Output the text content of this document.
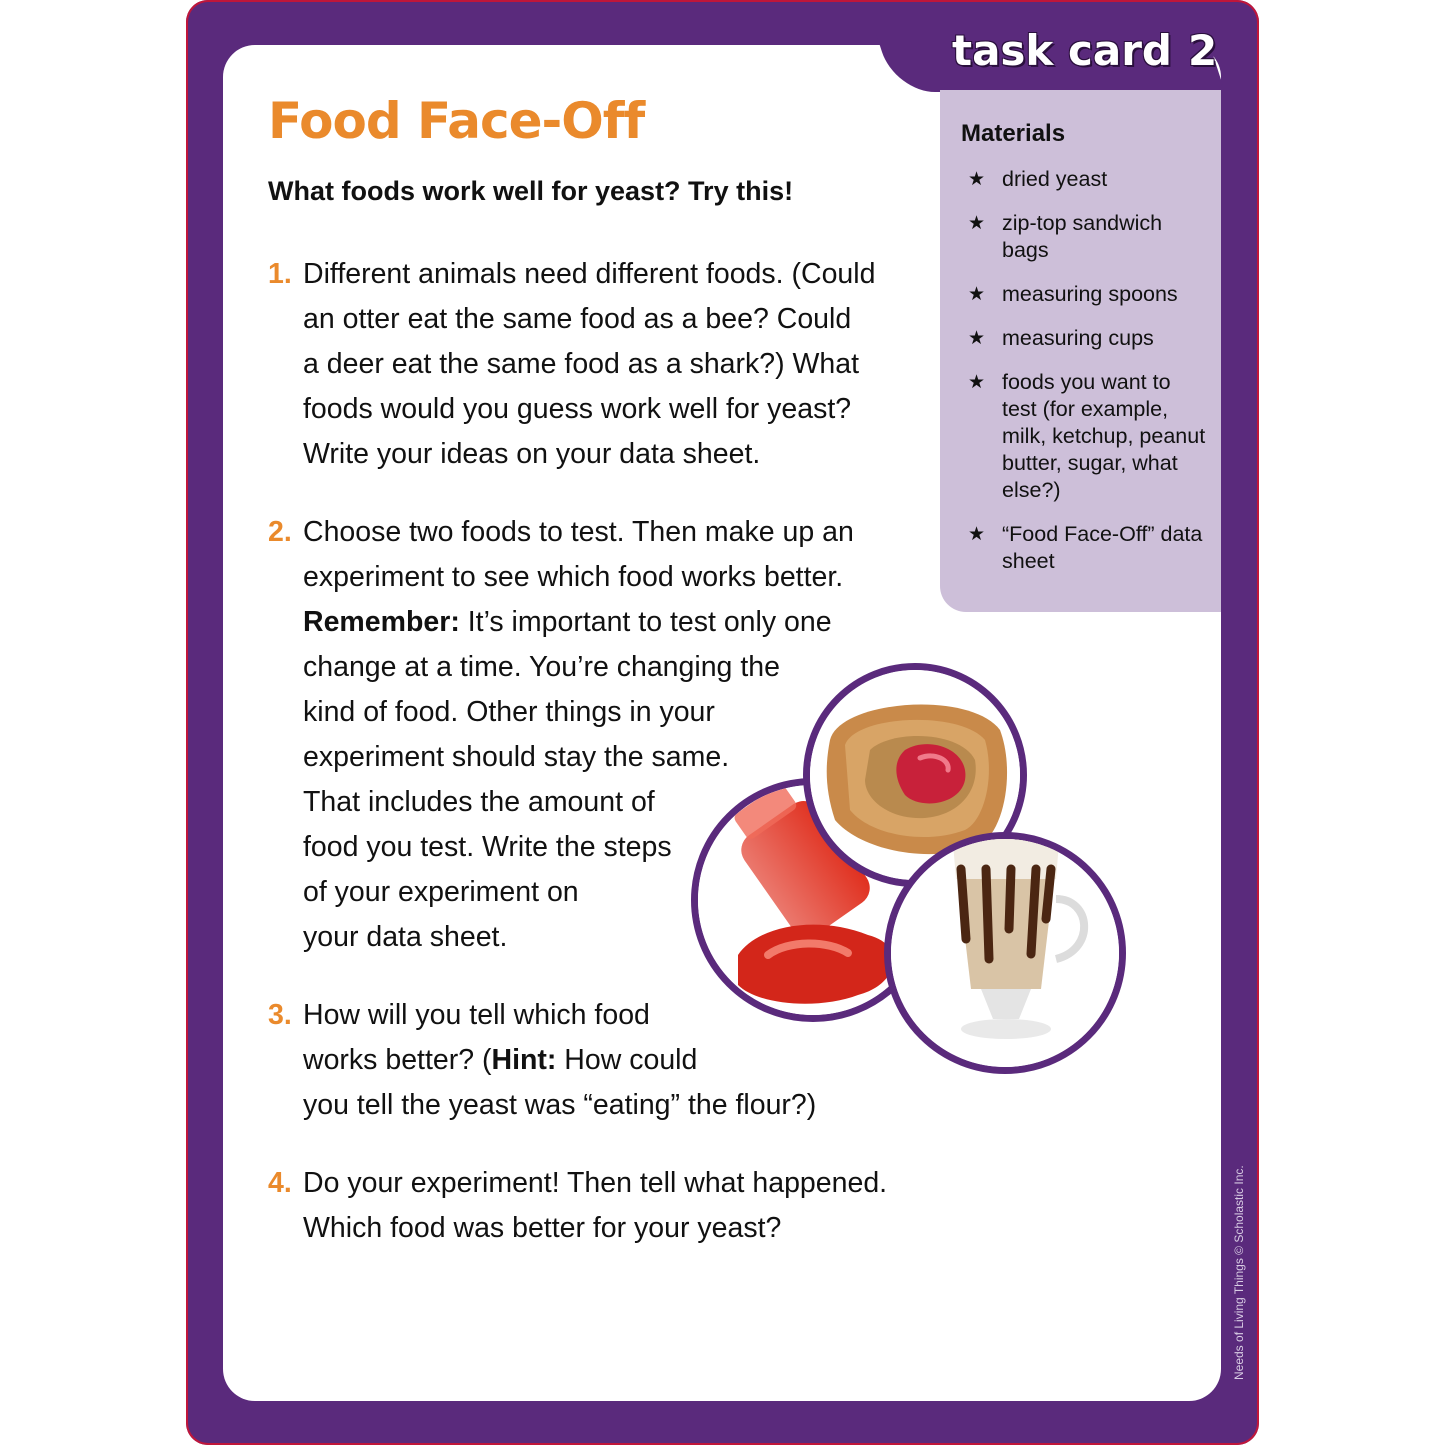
task card 2
Food Face-Off
What foods work well for yeast? Try this!
1. Different animals need different foods. (Could
an otter eat the same food as a bee? Could
a deer eat the same food as a shark?) What
foods would you guess work well for yeast?
Write your ideas on your data sheet.
2. Choose two foods to test. Then make up an
experiment to see which food works better.
Remember: It’s important to test only one
change at a time. You’re changing the
kind of food. Other things in your
experiment should stay the same.
That includes the amount of
food you test. Write the steps
of your experiment on
your data sheet.
3. How will you tell which food
works better? (Hint: How could
you tell the yeast was “eating” the flour?)
4. Do your experiment! Then tell what happened.
Which food was better for your yeast?
Materials
★ dried yeast
★ zip-top sandwich bags
★ measuring spoons
★ measuring cups
★ foods you want to test (for example, milk, ketchup, peanut butter, sugar, what else?)
★ “Food Face-Off” data sheet
Needs of Living Things © Scholastic Inc.
